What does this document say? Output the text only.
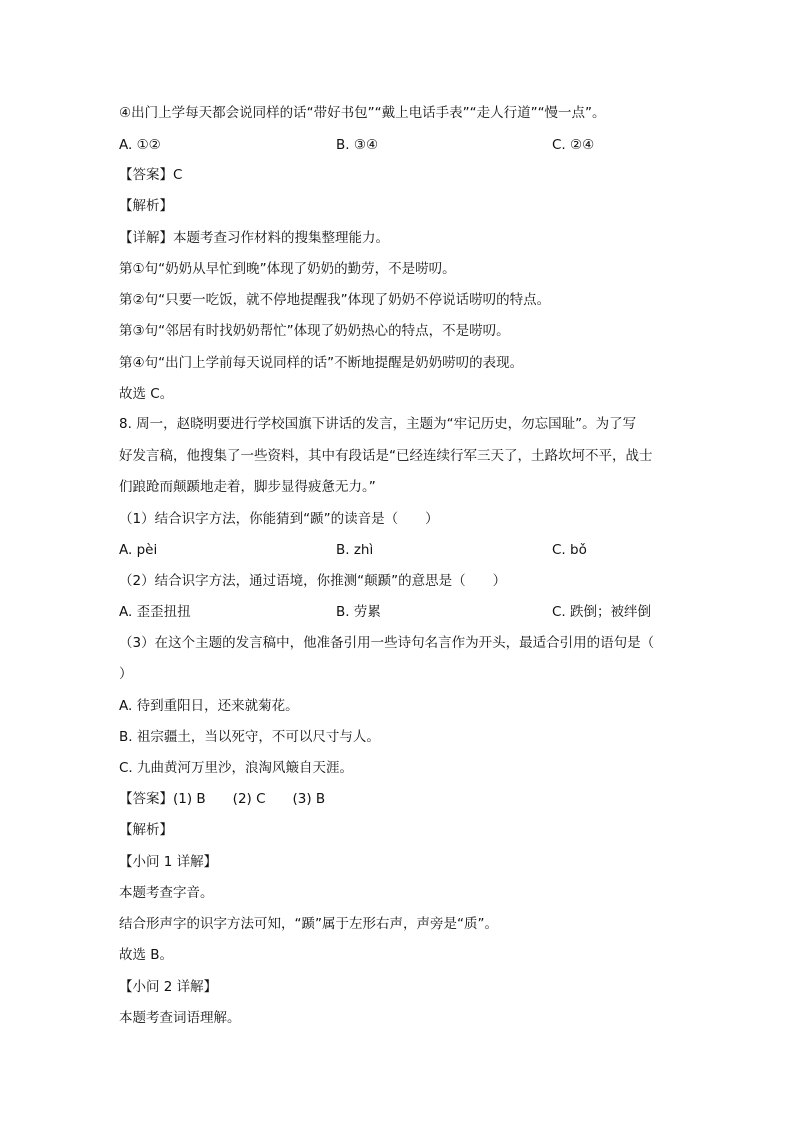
④出门上学每天都会说同样的话“带好书包”“戴上电话手表”“走人行道”“慢一点”。
A. ①②	B. ③④	C. ②④
【答案】C
【解析】
【详解】本题考查习作材料的搜集整理能力。
第①句“奶奶从早忙到晚”体现了奶奶的勤劳，不是唠叨。
第②句“只要一吃饭，就不停地提醒我”体现了奶奶不停说话唠叨的特点。
第③句“邻居有时找奶奶帮忙”体现了奶奶热心的特点，不是唠叨。
第④句“出门上学前每天说同样的话”不断地提醒是奶奶唠叨的表现。
故选 C。
8. 周一，赵晓明要进行学校国旗下讲话的发言，主题为“牢记历史，勿忘国耻”。为了写
好发言稿，他搜集了一些资料，其中有段话是“已经连续行军三天了，土路坎坷不平，战士
们踉跄而颠踬地走着，脚步显得疲惫无力。”
（1）结合识字方法，你能猜到“踬”的读音是（　　）
A. pèi	B. zhì	C. bǒ
（2）结合识字方法，通过语境，你推测“颠踬”的意思是（　　）
A. 歪歪扭扭	B. 劳累	C. 跌倒；被绊倒
（3）在这个主题的发言稿中，他准备引用一些诗句名言作为开头，最适合引用的语句是（
）
A. 待到重阳日，还来就菊花。
B. 祖宗疆土，当以死守，不可以尺寸与人。
C. 九曲黄河万里沙，浪淘风簸自天涯。
【答案】(1) B　　(2) C　　(3) B
【解析】
【小问 1 详解】
本题考查字音。
结合形声字的识字方法可知，“踬”属于左形右声，声旁是“质”。
故选 B。
【小问 2 详解】
本题考查词语理解。
